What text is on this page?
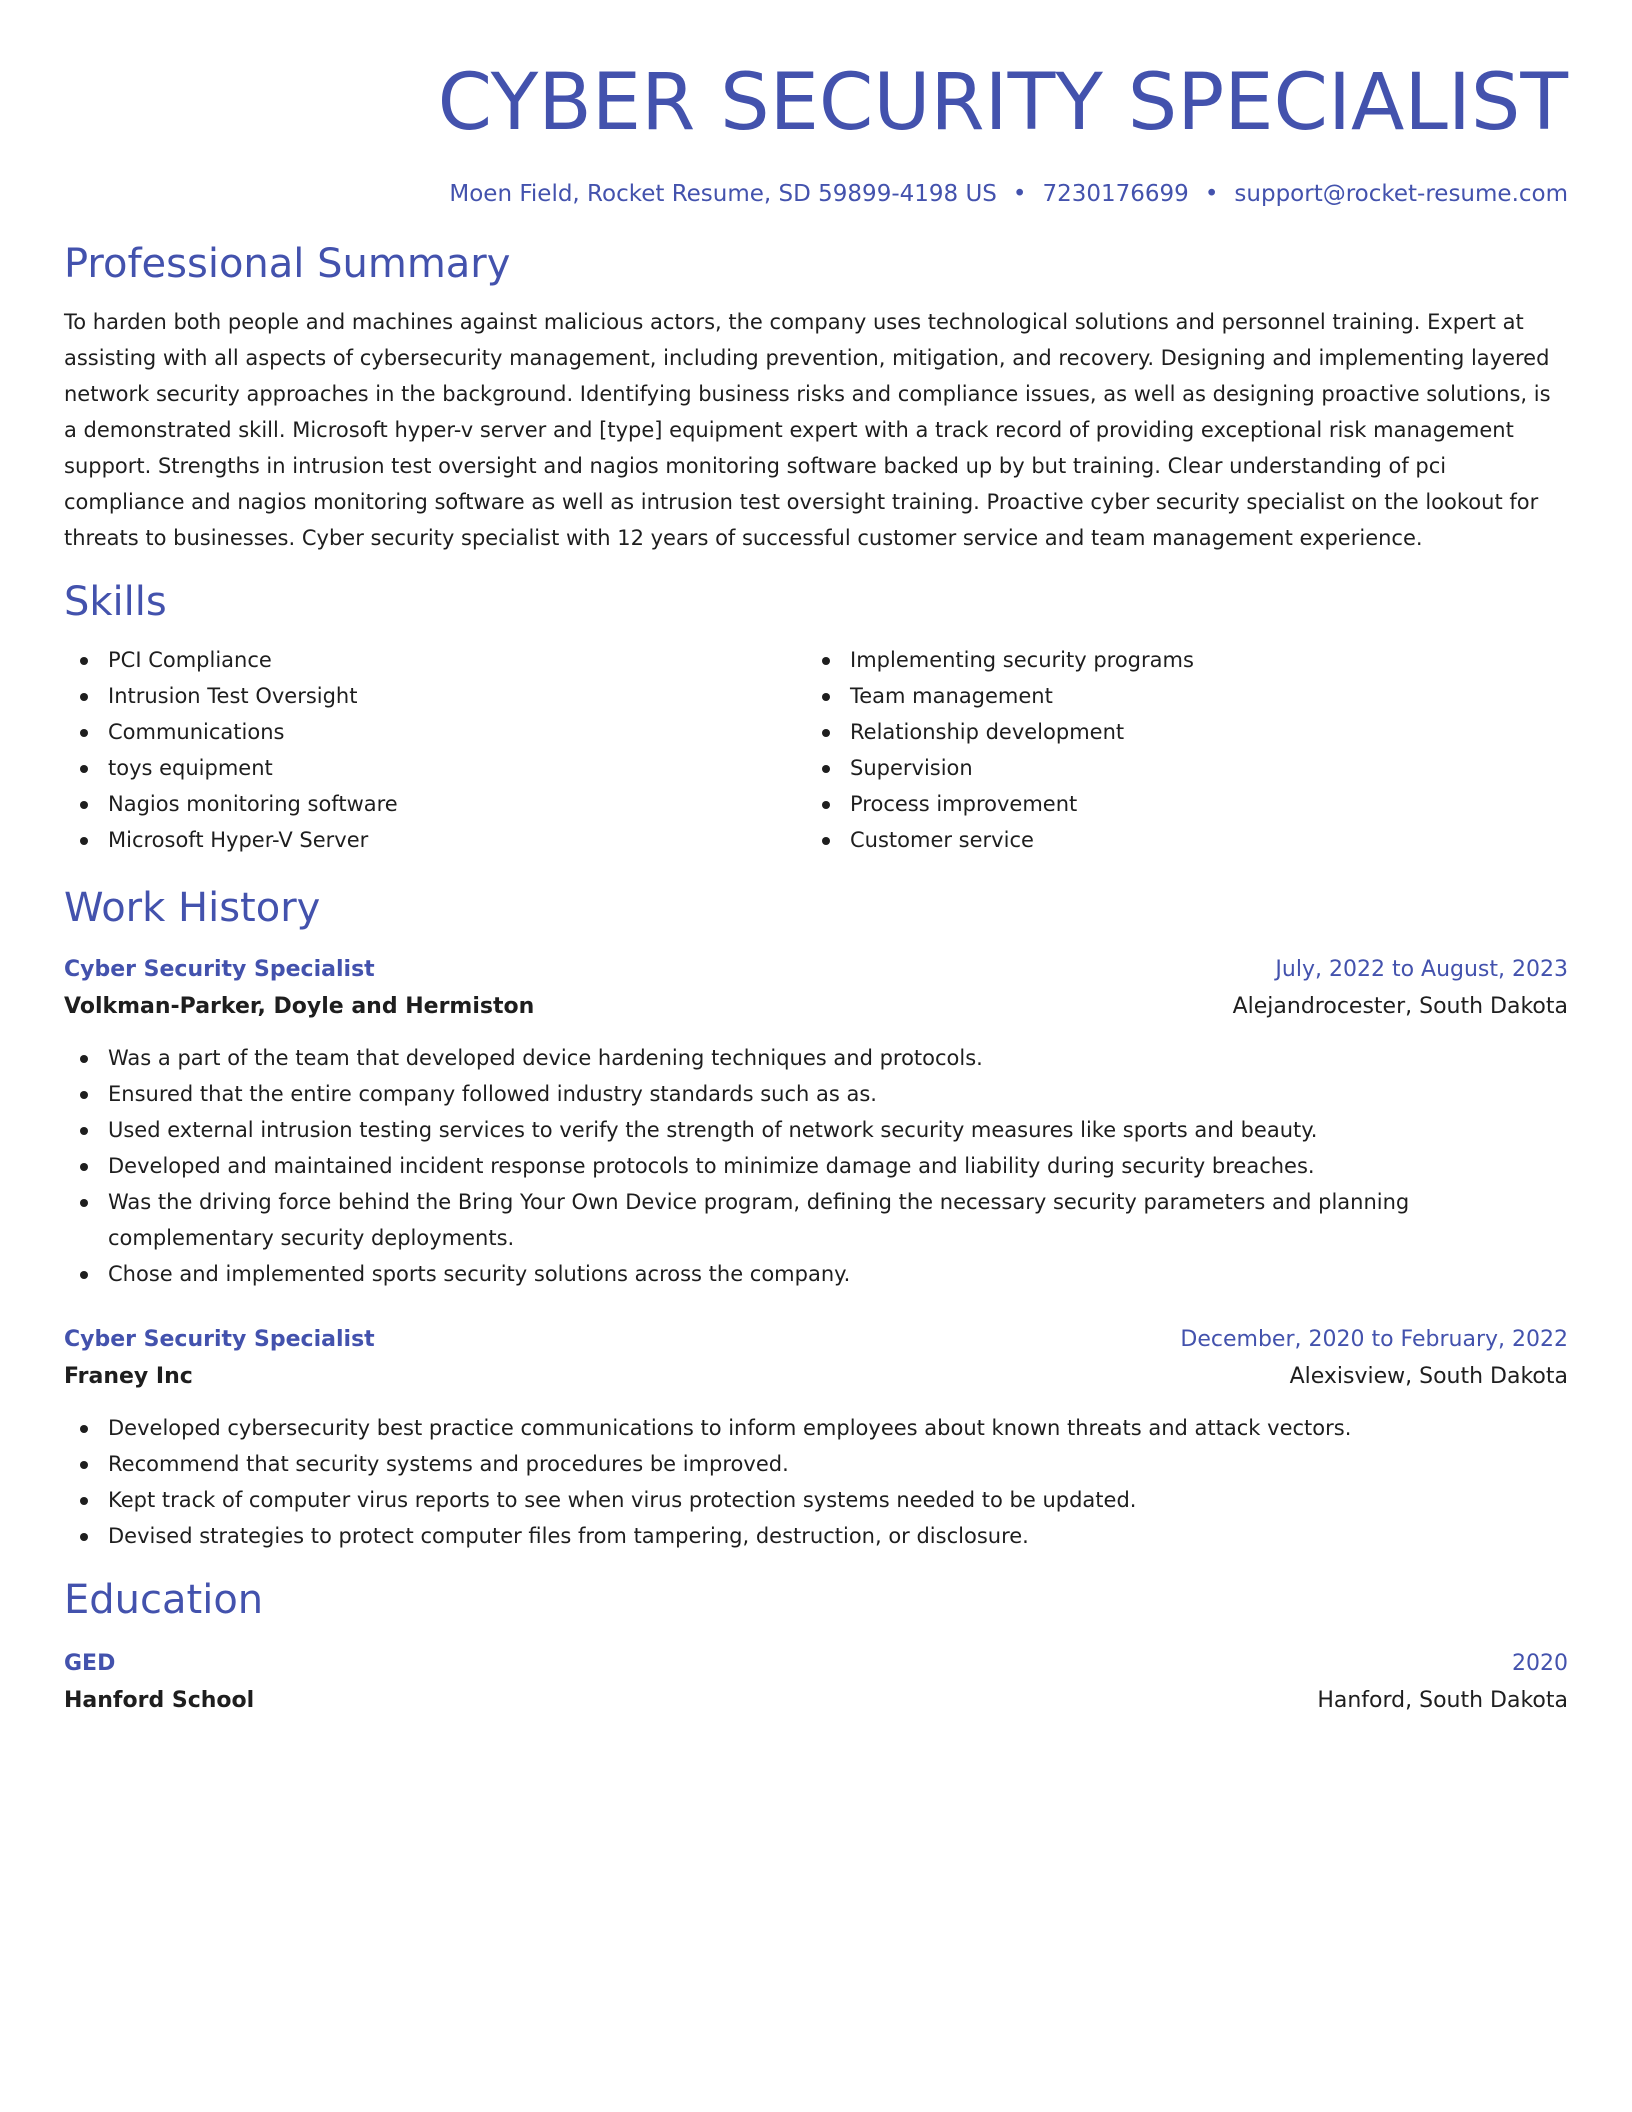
CYBER SECURITY SPECIALIST
Moen Field, Rocket Resume, SD 59899-4198 US • 7230176699 • support@rocket-resume.com
Professional Summary

To harden both people and machines against malicious actors, the company uses technological solutions and personnel training. Expert at assisting with all aspects of cybersecurity management, including prevention, mitigation, and recovery. Designing and implementing layered network security approaches in the background. Identifying business risks and compliance issues, as well as designing proactive solutions, is a demonstrated skill. Microsoft hyper-v server and [type] equipment expert with a track record of providing exceptional risk management support. Strengths in intrusion test oversight and nagios monitoring software backed up by but training. Clear understanding of pci compliance and nagios monitoring software as well as intrusion test oversight training. Proactive cyber security specialist on the lookout for threats to businesses. Cyber security specialist with 12 years of successful customer service and team management experience.

Skills
PCI Compliance
Intrusion Test Oversight
Communications
toys equipment
Nagios monitoring software
Microsoft Hyper-V Server
Implementing security programs
Team management
Relationship development
Supervision
Process improvement
Customer service
Work History
Cyber Security Specialist	July, 2022 to August, 2023
Volkman-Parker, Doyle and Hermiston	Alejandrocester, South Dakota
Was a part of the team that developed device hardening techniques and protocols.
Ensured that the entire company followed industry standards such as as.
Used external intrusion testing services to verify the strength of network security measures like sports and beauty.
Developed and maintained incident response protocols to minimize damage and liability during security breaches.
Was the driving force behind the Bring Your Own Device program, defining the necessary security parameters and planning complementary security deployments.
Chose and implemented sports security solutions across the company.
Cyber Security Specialist	December, 2020 to February, 2022
Franey Inc	Alexisview, South Dakota
Developed cybersecurity best practice communications to inform employees about known threats and attack vectors.
Recommend that security systems and procedures be improved.
Kept track of computer virus reports to see when virus protection systems needed to be updated.
Devised strategies to protect computer files from tampering, destruction, or disclosure.
Education
GED	2020
Hanford School	Hanford, South Dakota
